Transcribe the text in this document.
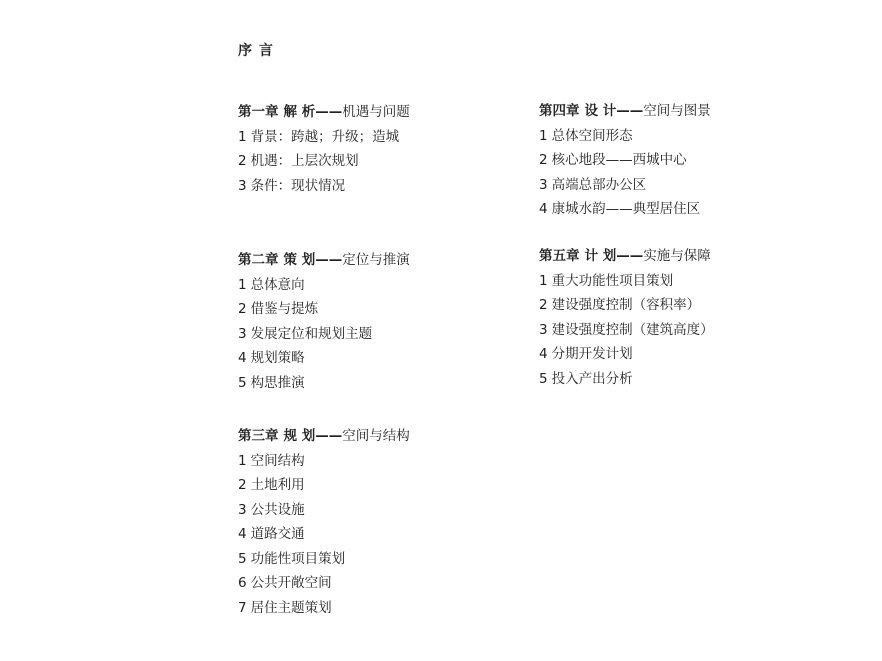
序 言
第一章 解 析——机遇与问题
1 背景：跨越；升级；造城
2 机遇：上层次规划
3 条件：现状情况
第二章 策 划——定位与推演
1 总体意向
2 借鉴与提炼
3 发展定位和规划主题
4 规划策略
5 构思推演
第三章 规 划——空间与结构
1 空间结构
2 土地利用
3 公共设施
4 道路交通
5 功能性项目策划
6 公共开敞空间
7 居住主题策划
第四章 设 计——空间与图景
1 总体空间形态
2 核心地段——西城中心
3 高端总部办公区
4 康城水韵——典型居住区
第五章 计 划——实施与保障
1 重大功能性项目策划
2 建设强度控制（容积率）
3 建设强度控制（建筑高度）
4 分期开发计划
5 投入产出分析
